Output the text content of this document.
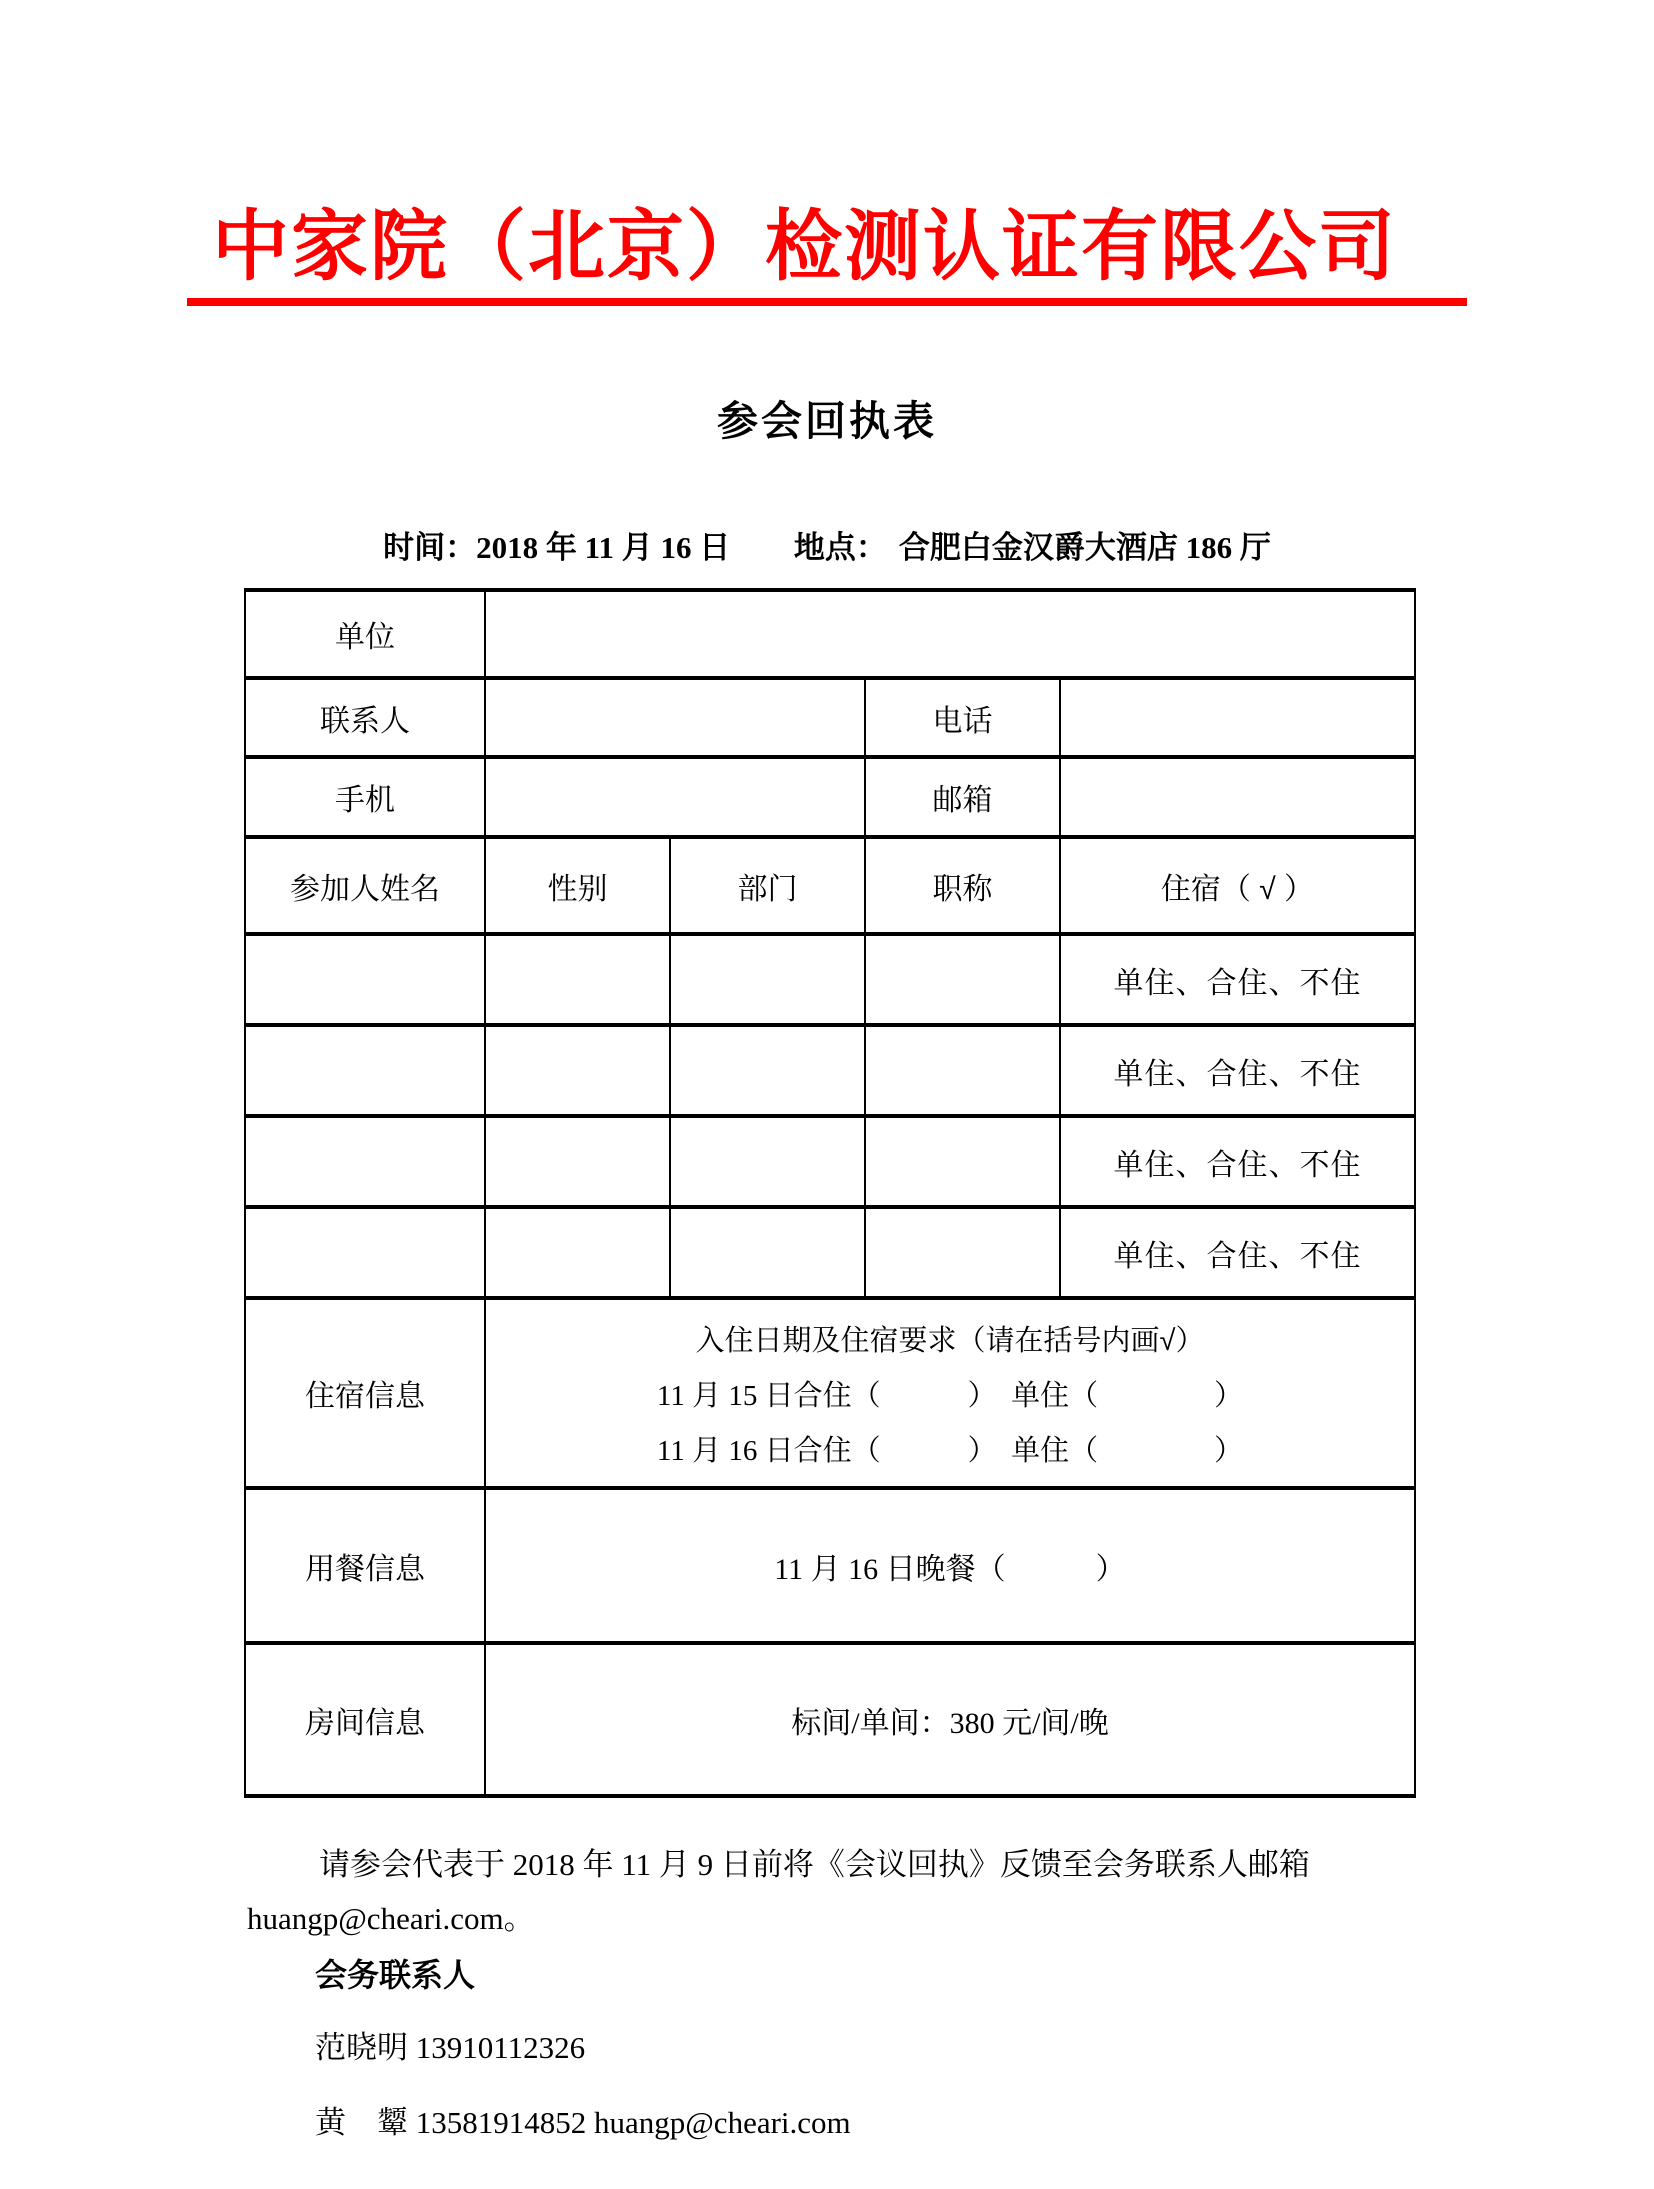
中家院（北京）检测认证有限公司
参会回执表
时间：2018 年 11 月 16 日 地点： 合肥白金汉爵大酒店 186 厅
单位				
联系人			电话	
手机			邮箱	
参加人姓名	性别	部门	职称	住宿（ √ ）
				单住、合住、不住
				单住、合住、不住
				单住、合住、不住
				单住、合住、不住
住宿信息	入住日期及住宿要求（请在括号内画√）
11 月 15 日合住（　　　）　单住（　　　　）
11 月 16 日合住（　　　）　单住（　　　　）			

用餐信息	11 月 16 日晚餐（　　　）			
房间信息	标间/单间：380 元/间/晚			
请参会代表于 2018 年 11 月 9 日前将《会议回执》反馈至会务联系人邮箱
huangp@cheari.com。
会务联系人
范晓明 13910112326
黄　颦 13581914852 huangp@cheari.com
